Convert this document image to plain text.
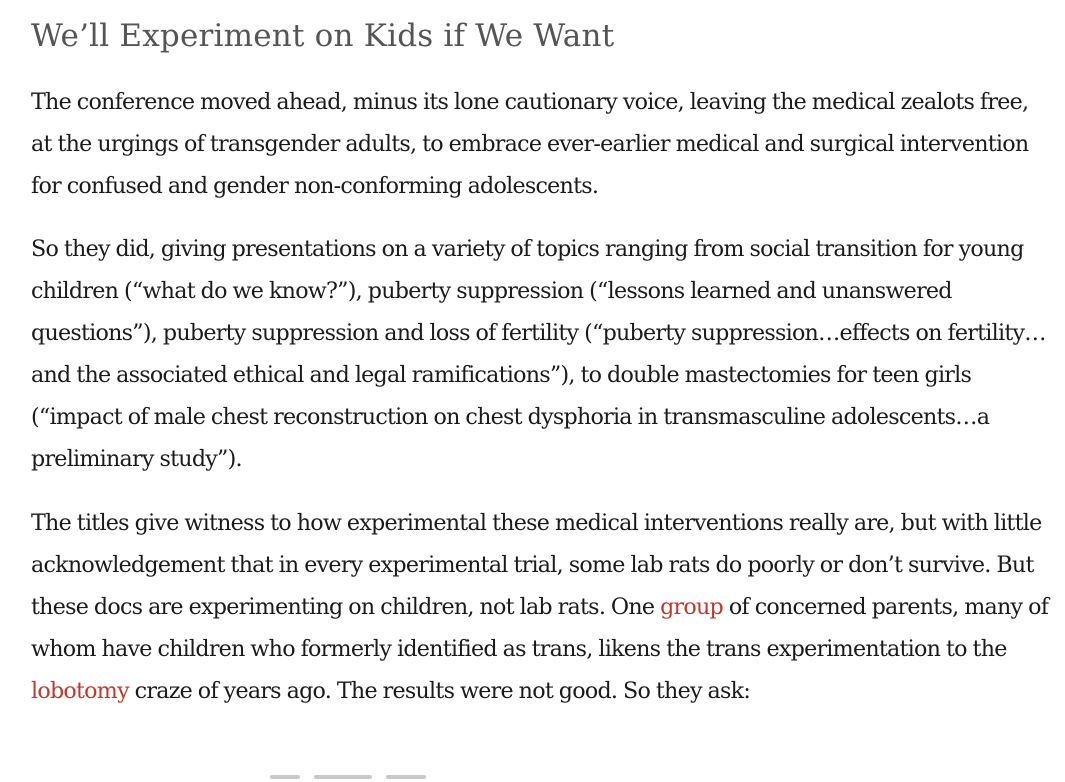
We’ll Experiment on Kids if We Want

The conference moved ahead, minus its lone cautionary voice, leaving the medical zealots free, at the urgings of transgender adults, to embrace ever-earlier medical and surgical intervention for confused and gender non-conforming adolescents.

So they did, giving presentations on a variety of topics ranging from social transition for young children (“what do we know?”), puberty suppression (“lessons learned and unanswered questions”), puberty suppression and loss of fertility (“puberty suppression…effects on fertility…and the associated ethical and legal ramifications”), to double mastectomies for teen girls (“impact of male chest reconstruction on chest dysphoria in transmasculine adolescents…a preliminary study”).

The titles give witness to how experimental these medical interventions really are, but with little acknowledgement that in every experimental trial, some lab rats do poorly or don’t survive. But these docs are experimenting on children, not lab rats. One group of concerned parents, many of whom have children who formerly identified as trans, likens the trans experimentation to the lobotomy craze of years ago. The results were not good. So they ask:
